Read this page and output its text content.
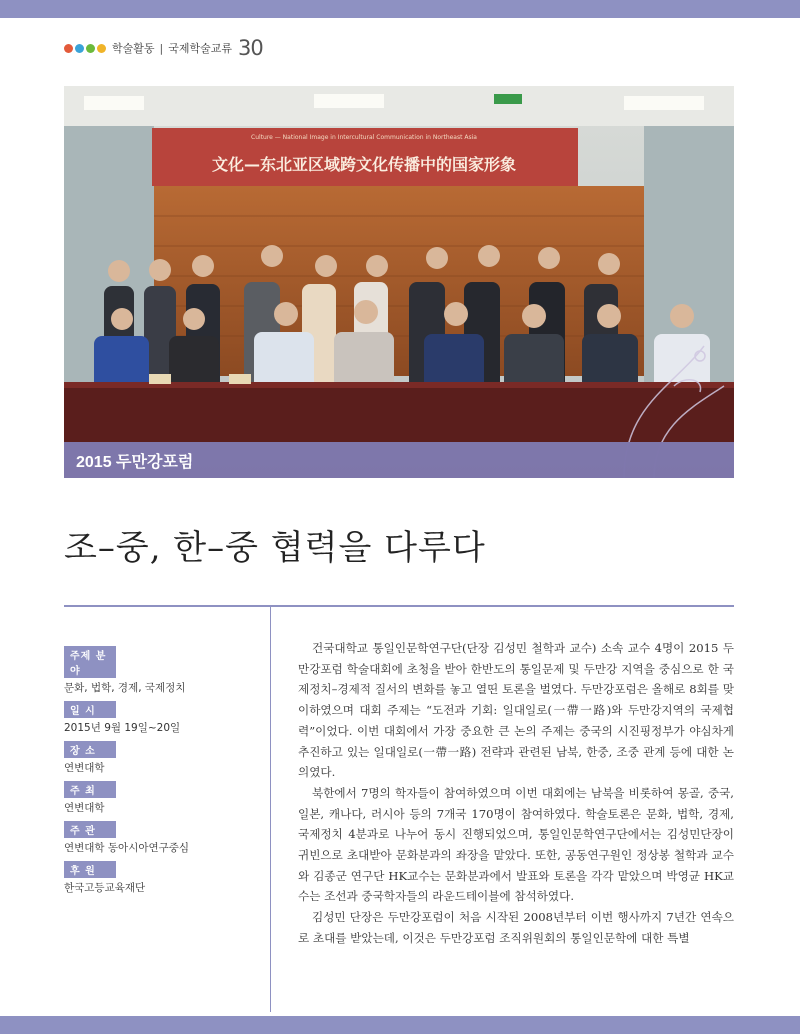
학술활동 | 국제학술교류 30
Culture — National Image in Intercultural Communication in Northeast Asia
文化—东北亚区域跨文化传播中的国家形象
2015 두만강포럼
조–중, 한–중 협력을 다루다
주제 분야
문화, 법학, 경제, 국제정치
일 시
2015년 9월 19일~20일
장 소
연변대학
주 최
연변대학
주 관
연변대학 동아시아연구중심
후 원
한국고등교육재단

건국대학교 통일인문학연구단(단장 김성민 철학과 교수) 소속 교수 4명이 2015 두만강포럼 학술대회에 초청을 받아 한반도의 통일문제 및 두만강 지역을 중심으로 한 국제정치–경제적 질서의 변화를 놓고 열띤 토론을 벌였다. 두만강포럼은 올해로 8회를 맞이하였으며 대회 주제는 “도전과 기회: 일대일로(一帶一路)와 두만강지역의 국제협력”이었다. 이번 대회에서 가장 중요한 큰 논의 주제는 중국의 시진핑정부가 야심차게 추진하고 있는 일대일로(一帶一路) 전략과 관련된 남북, 한중, 조중 관계 등에 대한 논의였다.

북한에서 7명의 학자들이 참여하였으며 이번 대회에는 남북을 비롯하여 몽골, 중국, 일본, 캐나다, 러시아 등의 7개국 170명이 참여하였다. 학술토론은 문화, 법학, 경제, 국제정치 4분과로 나누어 동시 진행되었으며, 통일인문학연구단에서는 김성민단장이 귀빈으로 초대받아 문화분과의 좌장을 맡았다. 또한, 공동연구원인 정상봉 철학과 교수와 김종군 연구단 HK교수는 문화분과에서 발표와 토론을 각각 맡았으며 박영균 HK교수는 조선과 중국학자들의 라운드테이블에 참석하였다.

김성민 단장은 두만강포럼이 처음 시작된 2008년부터 이번 행사까지 7년간 연속으로 초대를 받았는데, 이것은 두만강포럼 조직위원회의 통일인문학에 대한 특별
